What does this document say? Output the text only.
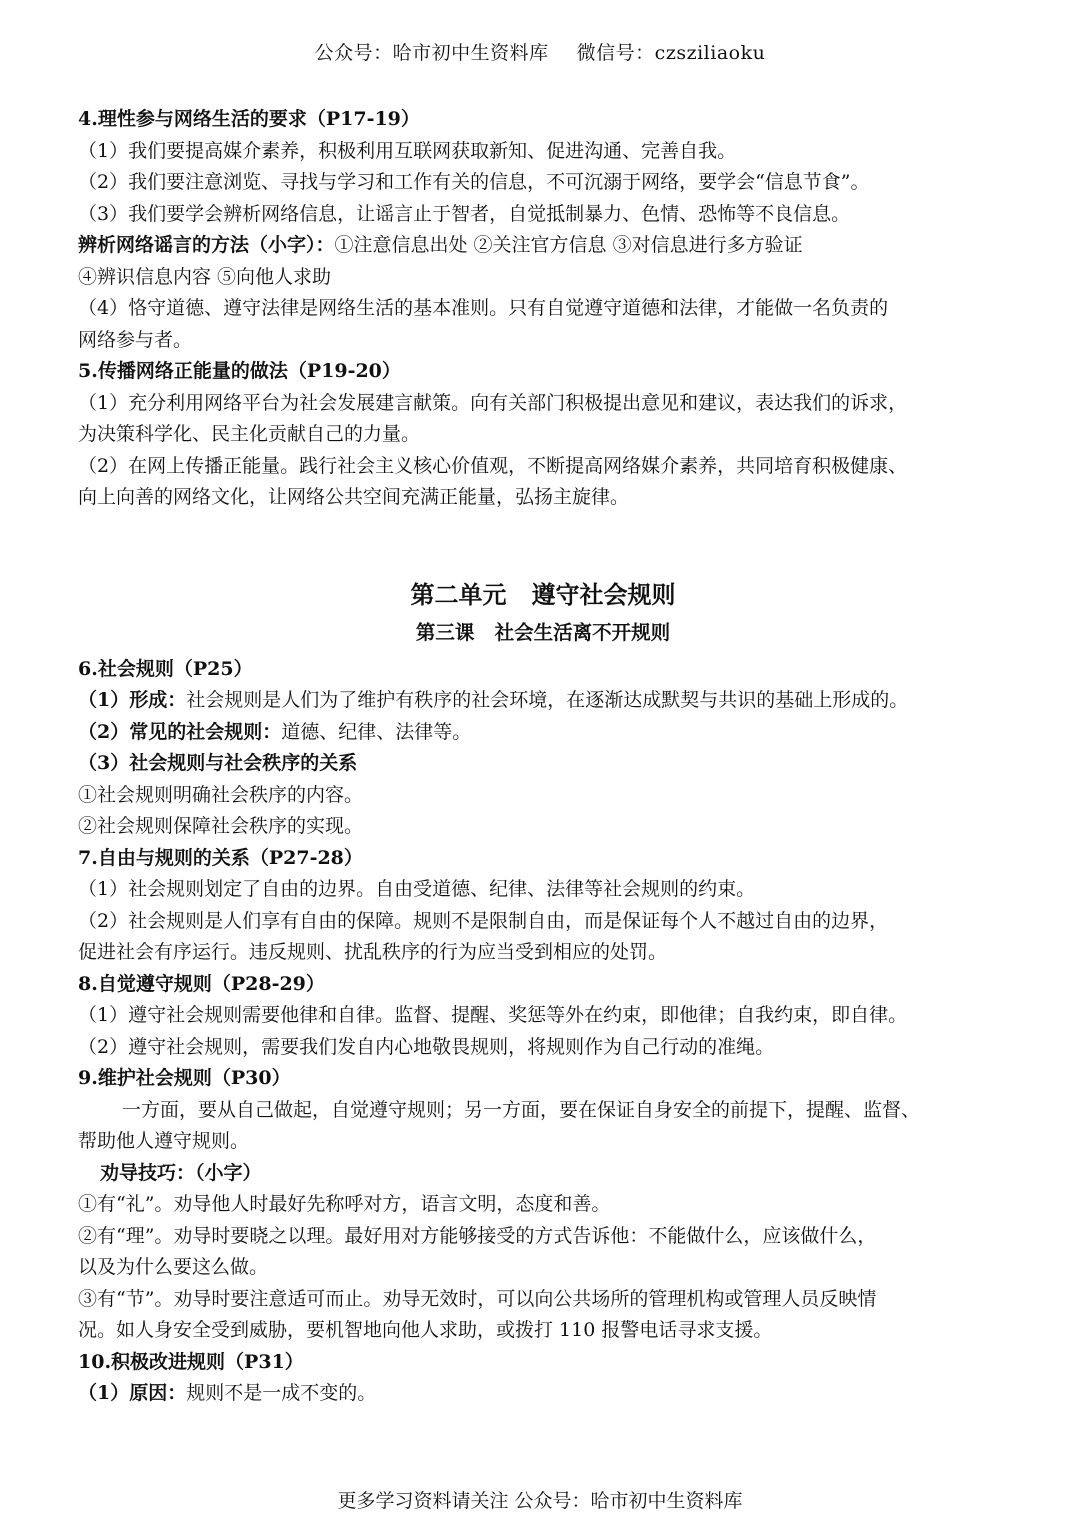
公众号：哈市初中生资料库 微信号：czsziliaoku
4.理性参与网络生活的要求（P17-19）
（1）我们要提高媒介素养，积极利用互联网获取新知、促进沟通、完善自我。
（2）我们要注意浏览、寻找与学习和工作有关的信息，不可沉溺于网络，要学会“信息节食”。
（3）我们要学会辨析网络信息，让谣言止于智者，自觉抵制暴力、色情、恐怖等不良信息。
辨析网络谣言的方法（小字）：①注意信息出处 ②关注官方信息 ③对信息进行多方验证
④辨识信息内容 ⑤向他人求助
（4）恪守道德、遵守法律是网络生活的基本准则。只有自觉遵守道德和法律，才能做一名负责的
网络参与者。
5.传播网络正能量的做法（P19-20）
（1）充分利用网络平台为社会发展建言献策。向有关部门积极提出意见和建议，表达我们的诉求，
为决策科学化、民主化贡献自己的力量。
（2）在网上传播正能量。践行社会主义核心价值观，不断提高网络媒介素养，共同培育积极健康、
向上向善的网络文化，让网络公共空间充满正能量，弘扬主旋律。
第二单元   遵守社会规则
第三课   社会生活离不开规则
6.社会规则（P25）
（1）形成：社会规则是人们为了维护有秩序的社会环境，在逐渐达成默契与共识的基础上形成的。
（2）常见的社会规则：道德、纪律、法律等。
（3）社会规则与社会秩序的关系
①社会规则明确社会秩序的内容。
②社会规则保障社会秩序的实现。
7.自由与规则的关系（P27-28）
（1）社会规则划定了自由的边界。自由受道德、纪律、法律等社会规则的约束。
（2）社会规则是人们享有自由的保障。规则不是限制自由，而是保证每个人不越过自由的边界，
促进社会有序运行。违反规则、扰乱秩序的行为应当受到相应的处罚。
8.自觉遵守规则（P28-29）
（1）遵守社会规则需要他律和自律。监督、提醒、奖惩等外在约束，即他律；自我约束，即自律。
（2）遵守社会规则，需要我们发自内心地敬畏规则，将规则作为自己行动的准绳。
9.维护社会规则（P30）
一方面，要从自己做起，自觉遵守规则；另一方面，要在保证自身安全的前提下，提醒、监督、
帮助他人遵守规则。
劝导技巧：（小字）
①有“礼”。劝导他人时最好先称呼对方，语言文明，态度和善。
②有“理”。劝导时要晓之以理。最好用对方能够接受的方式告诉他：不能做什么，应该做什么，
以及为什么要这么做。
③有“节”。劝导时要注意适可而止。劝导无效时，可以向公共场所的管理机构或管理人员反映情
况。如人身安全受到威胁，要机智地向他人求助，或拨打 110 报警电话寻求支援。
10.积极改进规则（P31）
（1）原因：规则不是一成不变的。
更多学习资料请关注 公众号：哈市初中生资料库
